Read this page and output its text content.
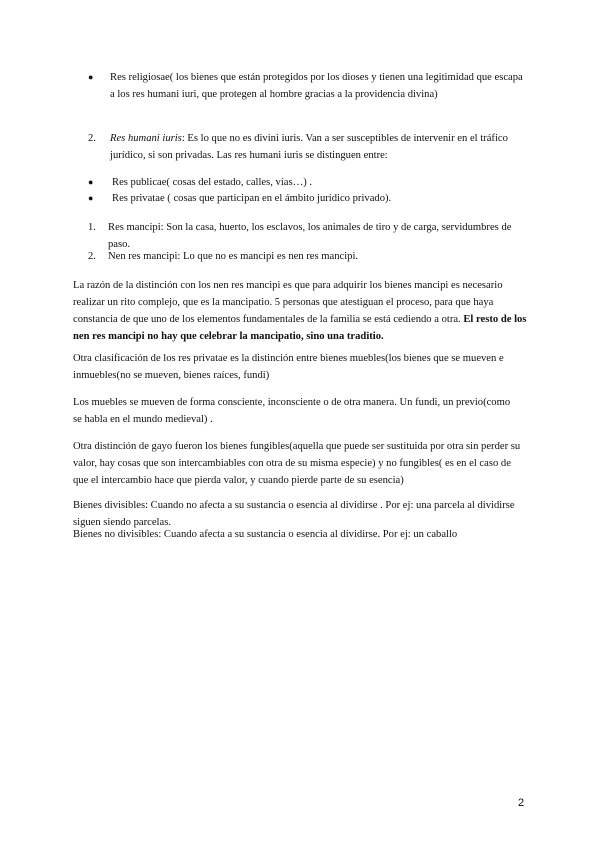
●	Res religiosae( los bienes que están protegidos por los dioses y tienen una legitimidad que escapa a los res humani iuri, que protegen al hombre gracias a la providencia divina)
2.	Res humani iuris: Es lo que no es divini iuris. Van a ser susceptibles de intervenir en el tráfico jurídico, si son privadas. Las res humani iuris se distinguen entre:
●	Res publicae( cosas del estado, calles, vías…) .
●	Res privatae ( cosas que participan en el ámbito jurídico privado).
1.	Res mancipi: Son la casa, huerto, los esclavos, los animales de tiro y de carga, servidumbres de paso.
2.	Nen res mancipi: Lo que no es mancipi es nen res mancipi.
La razón de la distinción con los nen res mancipi es que para adquirir los bienes mancipi es necesario realizar un rito complejo, que es la mancipatio. 5 personas que atestiguan el proceso, para que haya constancia de que uno de los elementos fundamentales de la familia se está cediendo a otra. El resto de los nen res mancipi no hay que celebrar la mancipatio, sino una traditio.
Otra clasificación de los res privatae es la distinción entre bienes muebles(los bienes que se mueven e inmuebles(no se mueven, bienes raíces, fundi)
Los muebles se mueven de forma consciente, inconsciente o de otra manera. Un fundi, un previo(como se habla en el mundo medieval) .
Otra distinción de gayo fueron los bienes fungibles(aquella que puede ser sustituida por otra sin perder su valor, hay cosas que son intercambiables con otra de su misma especie) y no fungibles( es en el caso de que el intercambio hace que pierda valor, y cuando pierde parte de su esencia)
Bienes divisibles: Cuando no afecta a su sustancia o esencia al dividirse . Por ej: una parcela al dividirse siguen siendo parcelas.
Bienes no divisibles: Cuando afecta a su sustancia o esencia al dividirse. Por ej: un caballo
2
